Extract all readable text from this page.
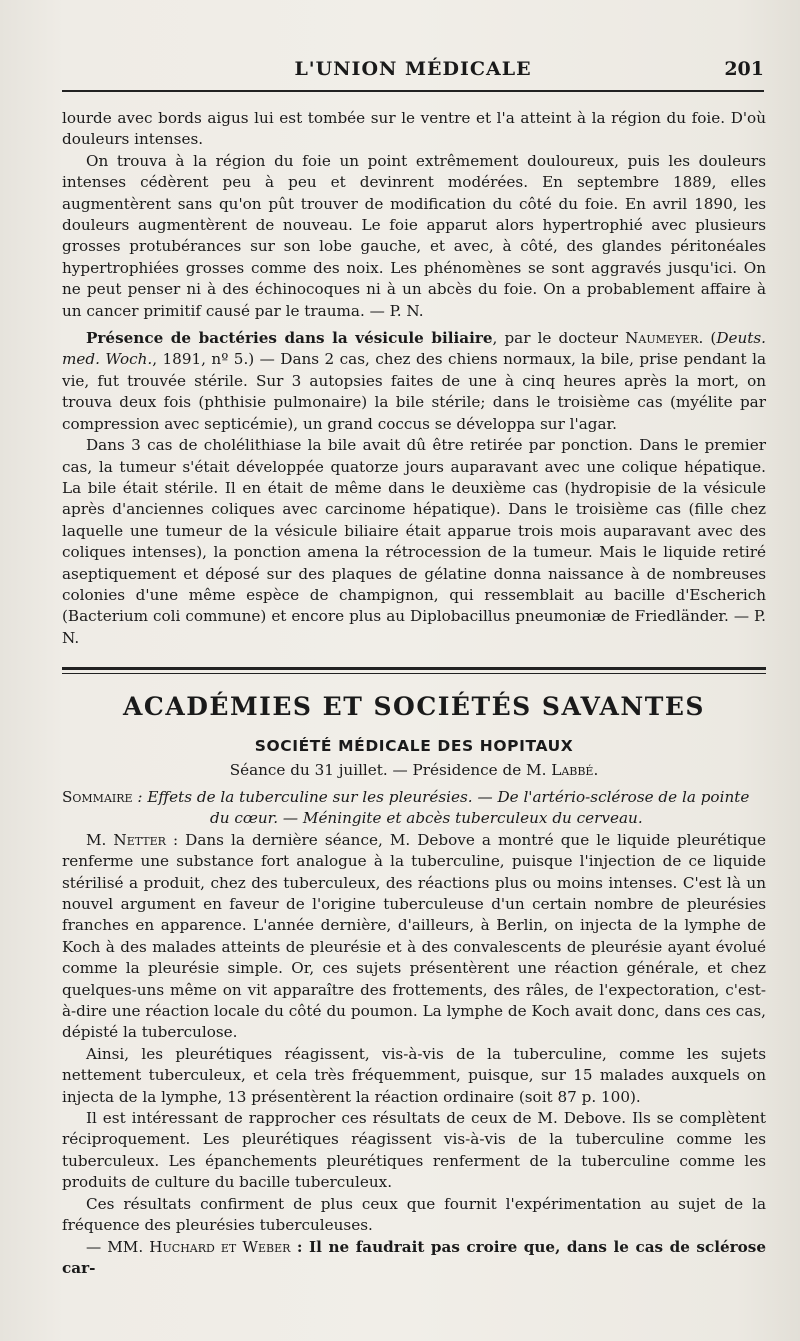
L'UNION MÉDICALE	201

lourde avec bords aigus lui est tombée sur le ventre et l'a atteint à la région du foie. D'où douleurs intenses.

On trouva à la région du foie un point extrêmement douloureux, puis les douleurs intenses cédèrent peu à peu et devinrent modérées. En septembre 1889, elles augmentèrent sans qu'on pût trouver de modification du côté du foie. En avril 1890, les douleurs augmentèrent de nouveau. Le foie apparut alors hypertrophié avec plusieurs grosses protubérances sur son lobe gauche, et avec, à côté, des glandes péritonéales hypertrophiées grosses comme des noix. Les phénomènes se sont aggravés jusqu'ici. On ne peut penser ni à des échinocoques ni à un abcès du foie. On a probablement affaire à un cancer primitif causé par le trauma. — P. N.

Présence de bactéries dans la vésicule biliaire, par le docteur Naumeyer. (Deuts. med. Woch., 1891, nº 5.) — Dans 2 cas, chez des chiens normaux, la bile, prise pendant la vie, fut trouvée stérile. Sur 3 autopsies faites de une à cinq heures après la mort, on trouva deux fois (phthisie pulmonaire) la bile stérile; dans le troisième cas (myélite par compression avec septicémie), un grand coccus se développa sur l'agar.

Dans 3 cas de cholélithiase la bile avait dû être retirée par ponction. Dans le premier cas, la tumeur s'était développée quatorze jours auparavant avec une colique hépatique. La bile était stérile. Il en était de même dans le deuxième cas (hydropisie de la vésicule après d'anciennes coliques avec carcinome hépatique). Dans le troisième cas (fille chez laquelle une tumeur de la vésicule biliaire était apparue trois mois auparavant avec des coliques intenses), la ponction amena la rétrocession de la tumeur. Mais le liquide retiré aseptiquement et déposé sur des plaques de gélatine donna naissance à de nombreuses colonies d'une même espèce de champignon, qui ressemblait au bacille d'Escherich (Bacterium coli commune) et encore plus au Diplobacillus pneumoniæ de Friedländer. — P. N.

ACADÉMIES ET SOCIÉTÉS SAVANTES
SOCIÉTÉ MÉDICALE DES HOPITAUX
Séance du 31 juillet. — Présidence de M. Labbé.

Sommaire : Effets de la tuberculine sur les pleurésies. — De l'artério-sclérose de la pointe
du cœur. — Méningite et abcès tuberculeux du cerveau.

M. Netter : Dans la dernière séance, M. Debove a montré que le liquide pleurétique renferme une substance fort analogue à la tuberculine, puisque l'injection de ce liquide stérilisé a produit, chez des tuberculeux, des réactions plus ou moins intenses. C'est là un nouvel argument en faveur de l'origine tuberculeuse d'un certain nombre de pleurésies franches en apparence. L'année dernière, d'ailleurs, à Berlin, on injecta de la lymphe de Koch à des malades atteints de pleurésie et à des convalescents de pleurésie ayant évolué comme la pleurésie simple. Or, ces sujets présentèrent une réaction générale, et chez quelques-uns même on vit apparaître des frottements, des râles, de l'expectoration, c'est-à-dire une réaction locale du côté du poumon. La lymphe de Koch avait donc, dans ces cas, dépisté la tuberculose.

Ainsi, les pleurétiques réagissent, vis-à-vis de la tuberculine, comme les sujets nettement tuberculeux, et cela très fréquemment, puisque, sur 15 malades auxquels on injecta de la lymphe, 13 présentèrent la réaction ordinaire (soit 87 p. 100).

Il est intéressant de rapprocher ces résultats de ceux de M. Debove. Ils se complètent réciproquement. Les pleurétiques réagissent vis-à-vis de la tuberculine comme les tuberculeux. Les épanchements pleurétiques renferment de la tuberculine comme les produits de culture du bacille tuberculeux.

Ces résultats confirment de plus ceux que fournit l'expérimentation au sujet de la fréquence des pleurésies tuberculeuses.

— MM. Huchard et Weber : Il ne faudrait pas croire que, dans le cas de sclérose car-
